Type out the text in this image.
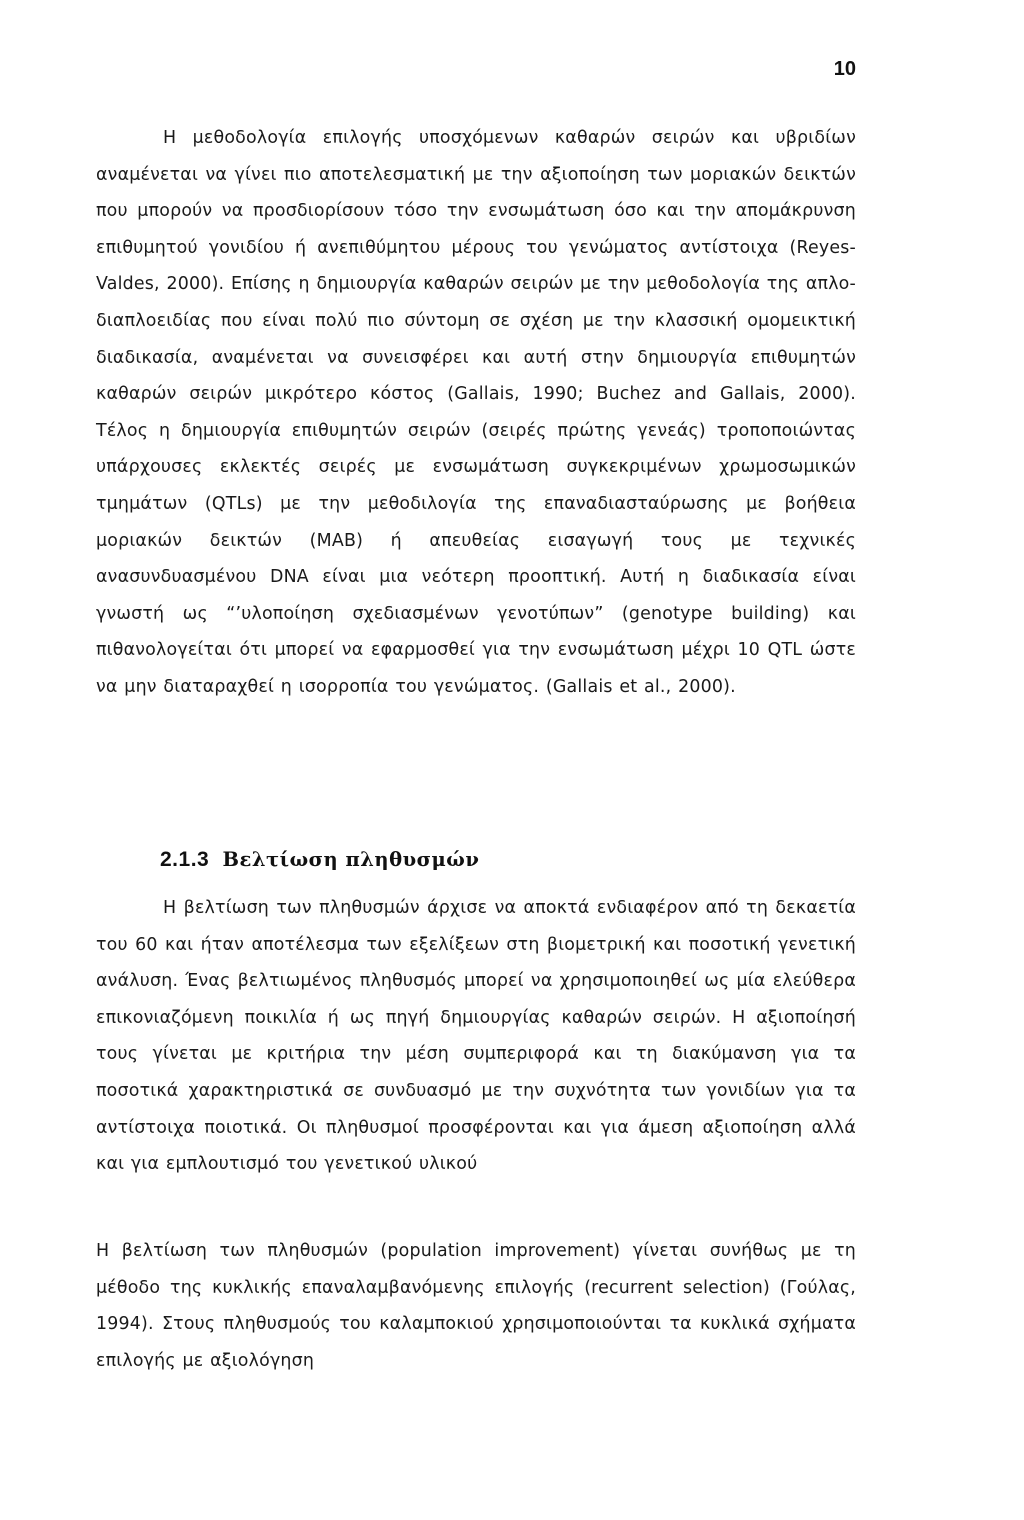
10

Η μεθοδολογία επιλογής υποσχόμενων καθαρών σειρών και υβριδίων αναμένεται να γίνει πιο αποτελεσματική με την αξιοποίηση των μοριακών δεικτών που μπορούν να προσδιορίσουν τόσο την ενσωμάτωση όσο και την απομάκρυνση επιθυμητού γονιδίου ή ανεπιθύμητου μέρους του γενώματος αντίστοιχα (Reyes-Valdes, 2000). Επίσης η δημιουργία καθαρών σειρών με την μεθοδολογία της απλο-διαπλοειδίας που είναι πολύ πιο σύντομη σε σχέση με την κλασσική ομομεικτική διαδικασία, αναμένεται να συνεισφέρει και αυτή στην δημιουργία επιθυμητών καθαρών σειρών μικρότερο κόστος (Gallais, 1990; Buchez and Gallais, 2000). Τέλος η δημιουργία επιθυμητών σειρών (σειρές πρώτης γενεάς) τροποποιώντας υπάρχουσες εκλεκτές σειρές με ενσωμάτωση συγκεκριμένων χρωμοσωμικών τμημάτων (QTLs) με την μεθοδιλογία της επαναδιασταύρωσης με βοήθεια μοριακών δεικτών (MAB) ή απευθείας εισαγωγή τους με τεχνικές ανασυνδυασμένου DNA είναι μια νεότερη προοπτική. Αυτή η διαδικασία είναι γνωστή ως “’υλοποίηση σχεδιασμένων γενοτύπων” (genotype building) και πιθανολογείται ότι μπορεί να εφαρμοσθεί για την ενσωμάτωση μέχρι 10 QTL ώστε να μην διαταραχθεί η ισορροπία του γενώματος. (Gallais et al., 2000).

2.1.3 Βελτίωση πληθυσμών

Η βελτίωση των πληθυσμών άρχισε να αποκτά ενδιαφέρον από τη δεκαετία του 60 και ήταν αποτέλεσμα των εξελίξεων στη βιομετρική και ποσοτική γενετική ανάλυση. Ένας βελτιωμένος πληθυσμός μπορεί να χρησιμοποιηθεί ως μία ελεύθερα επικονιαζόμενη ποικιλία ή ως πηγή δημιουργίας καθαρών σειρών. Η αξιοποίησή τους γίνεται με κριτήρια την μέση συμπεριφορά και τη διακύμανση για τα ποσοτικά χαρακτηριστικά σε συνδυασμό με την συχνότητα των γονιδίων για τα αντίστοιχα ποιοτικά. Οι πληθυσμοί προσφέρονται και για άμεση αξιοποίηση αλλά και για εμπλουτισμό του γενετικού υλικού

Η βελτίωση των πληθυσμών (population improvement) γίνεται συνήθως με τη μέθοδο της κυκλικής επαναλαμβανόμενης επιλογής (recurrent selection) (Γούλας, 1994). Στους πληθυσμούς του καλαμποκιού χρησιμοποιούνται τα κυκλικά σχήματα επιλογής με αξιολόγηση
